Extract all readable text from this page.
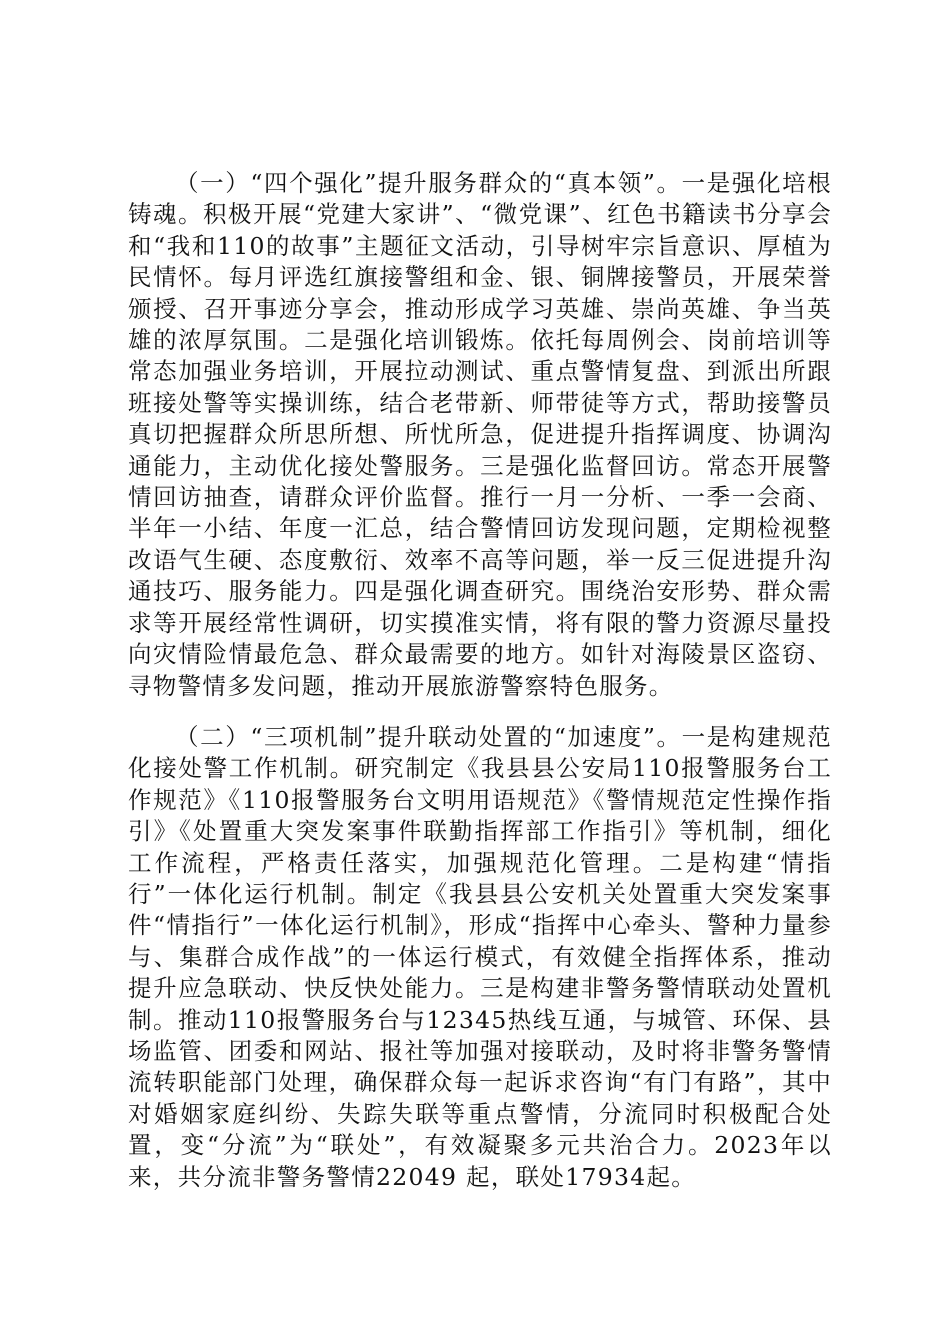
（一）“四个强化”提升服务群众的“真本领”。一是强化培根铸魂。积极开展“党建大家讲”、“微党课”、红色书籍读书分享会和“我和110的故事”主题征文活动，引导树牢宗旨意识、厚植为民情怀。每月评选红旗接警组和金、银、铜牌接警员，开展荣誉颁授、召开事迹分享会，推动形成学习英雄、崇尚英雄、争当英雄的浓厚氛围。二是强化培训锻炼。依托每周例会、岗前培训等常态加强业务培训，开展拉动测试、重点警情复盘、到派出所跟班接处警等实操训练，结合老带新、师带徒等方式，帮助接警员真切把握群众所思所想、所忧所急，促进提升指挥调度、协调沟通能力，主动优化接处警服务。三是强化监督回访。常态开展警情回访抽查，请群众评价监督。推行一月一分析、一季一会商、半年一小结、年度一汇总，结合警情回访发现问题，定期检视整改语气生硬、态度敷衍、效率不高等问题，举一反三促进提升沟通技巧、服务能力。四是强化调查研究。围绕治安形势、群众需求等开展经常性调研，切实摸准实情，将有限的警力资源尽量投向灾情险情最危急、群众最需要的地方。如针对海陵景区盗窃、寻物警情多发问题，推动开展旅游警察特色服务。

（二）“三项机制”提升联动处置的“加速度”。一是构建规范化接处警工作机制。研究制定《我县县公安局110报警服务台工作规范》《110报警服务台文明用语规范》《警情规范定性操作指引》《处置重大突发案事件联勤指挥部工作指引》等机制，细化工作流程，严格责任落实，加强规范化管理。二是构建“情指行”一体化运行机制。制定《我县县公安机关处置重大突发案事件“情指行”一体化运行机制》，形成“指挥中心牵头、警种力量参与、集群合成作战”的一体运行模式，有效健全指挥体系，推动提升应急联动、快反快处能力。三是构建非警务警情联动处置机制。推动110报警服务台与12345热线互通，与城管、环保、县场监管、团委和网站、报社等加强对接联动，及时将非警务警情流转职能部门处理，确保群众每一起诉求咨询“有门有路”，其中对婚姻家庭纠纷、失踪失联等重点警情，分流同时积极配合处置，变“分流”为“联处”，有效凝聚多元共治合力。2023年以来，共分流非警务警情22049 起，联处17934起。
